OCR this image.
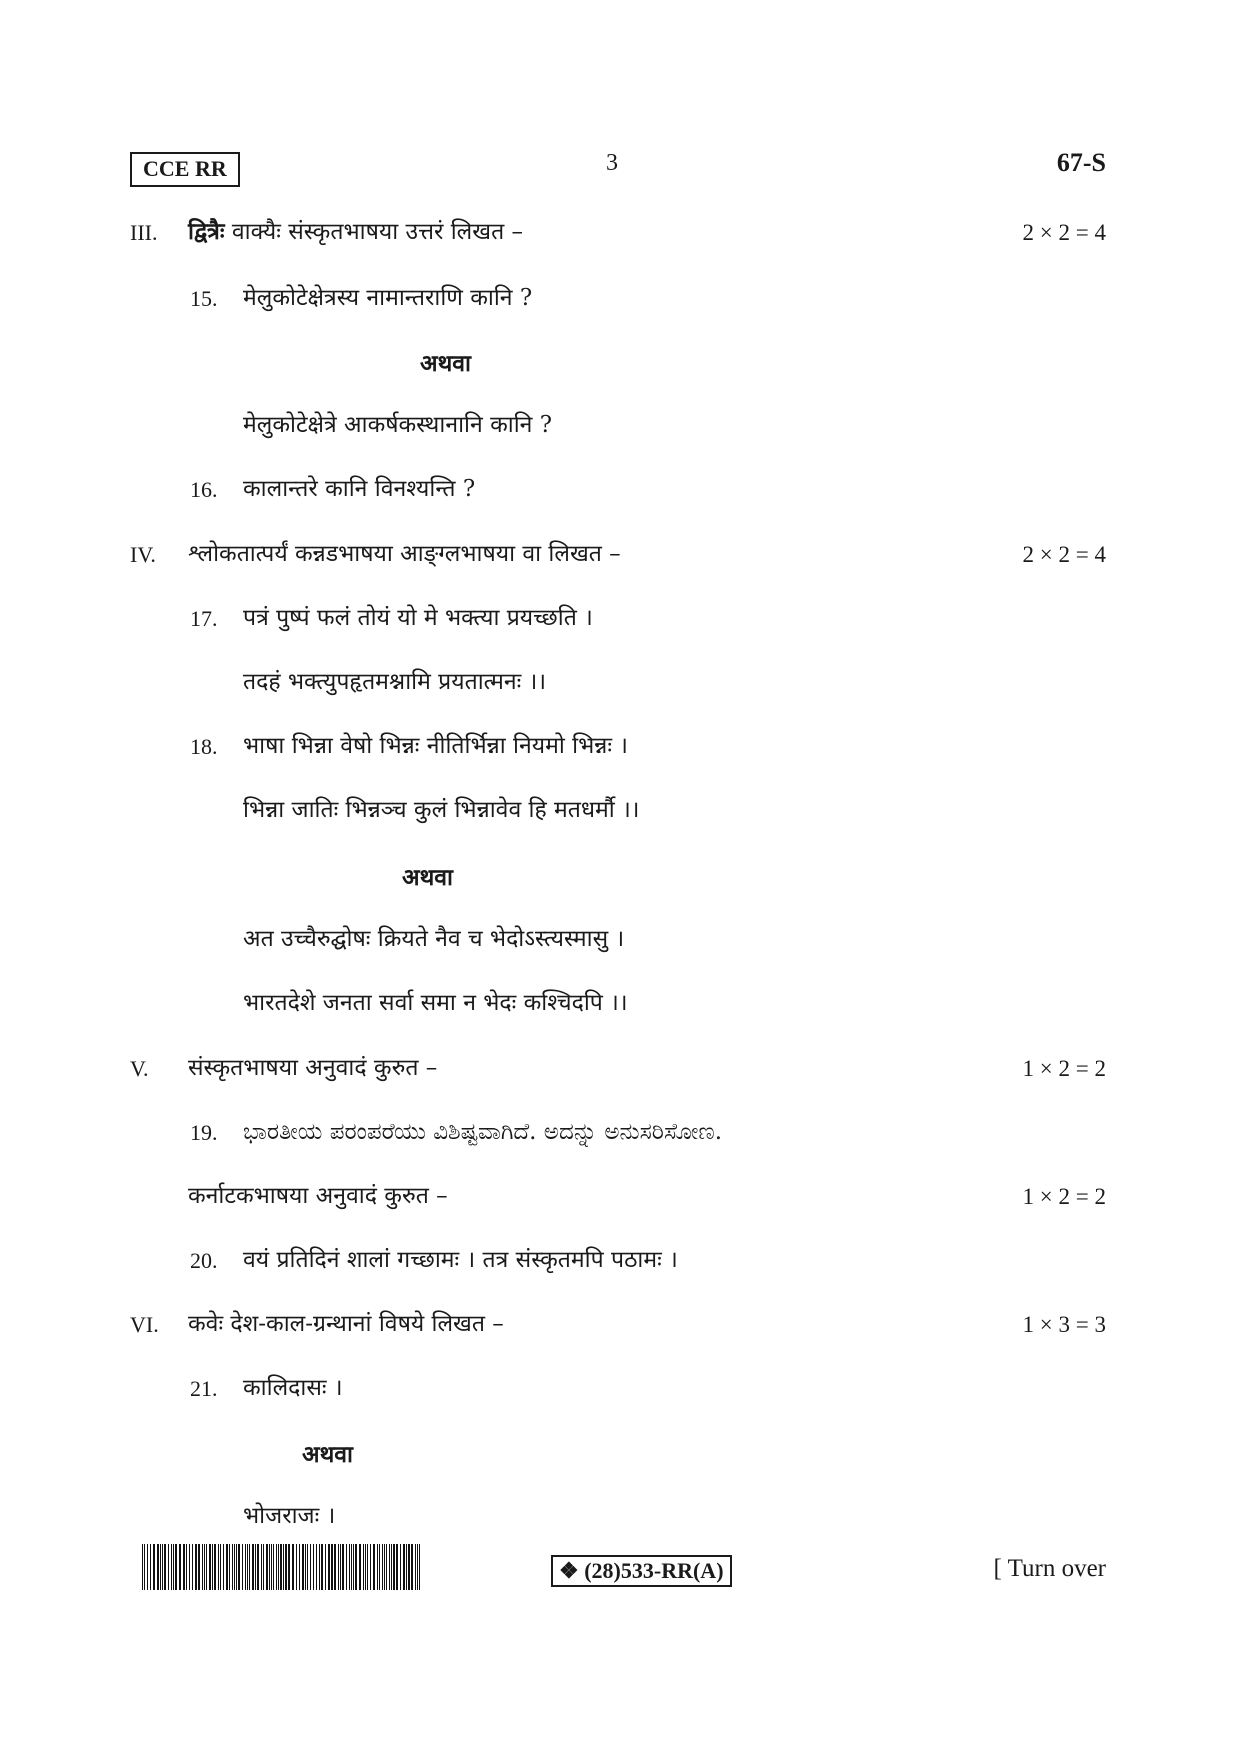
CCE RR	3	67-S
III. द्वित्रैः वाक्यैः संस्कृतभाषया उत्तरं लिखत –	2 × 2 = 4
15. मेलुकोटेक्षेत्रस्य नामान्तराणि कानि ?
अथवा
मेलुकोटेक्षेत्रे आकर्षकस्थानानि कानि ?
16. कालान्तरे कानि विनश्यन्ति ?
IV. श्लोकतात्पर्यं कन्नडभाषया आङ्ग्लभाषया वा लिखत –	2 × 2 = 4
17. पत्रं पुष्पं फलं तोयं यो मे भक्त्या प्रयच्छति ।
तदहं भक्त्युपहृतमश्नामि प्रयतात्मनः ।।
18. भाषा भिन्ना वेषो भिन्नः नीतिर्भिन्ना नियमो भिन्नः ।
भिन्ना जातिः भिन्नञ्च कुलं भिन्नावेव हि मतधर्मौ ।।
अथवा
अत उच्चैरुद्घोषः क्रियते नैव च भेदोऽस्त्यस्मासु ।
भारतदेशे जनता सर्वा समा न भेदः कश्चिदपि ।।
V. संस्कृतभाषया अनुवादं कुरुत –	1 × 2 = 2
19. ಭಾರತೀಯ ಪರಂಪರೆಯು ವಿಶಿಷ್ಟವಾಗಿದೆ. ಅದನ್ನು ಅನುಸರಿಸೋಣ.
कर्नाटकभाषया अनुवादं कुरुत –	1 × 2 = 2
20. वयं प्रतिदिनं शालां गच्छामः । तत्र संस्कृतमपि पठामः ।
VI. कवेः देश-काल-ग्रन्थानां विषये लिखत –	1 × 3 = 3
21. कालिदासः ।
अथवा
भोजराजः ।
❖ (28)533-RR(A)	[ Turn over
